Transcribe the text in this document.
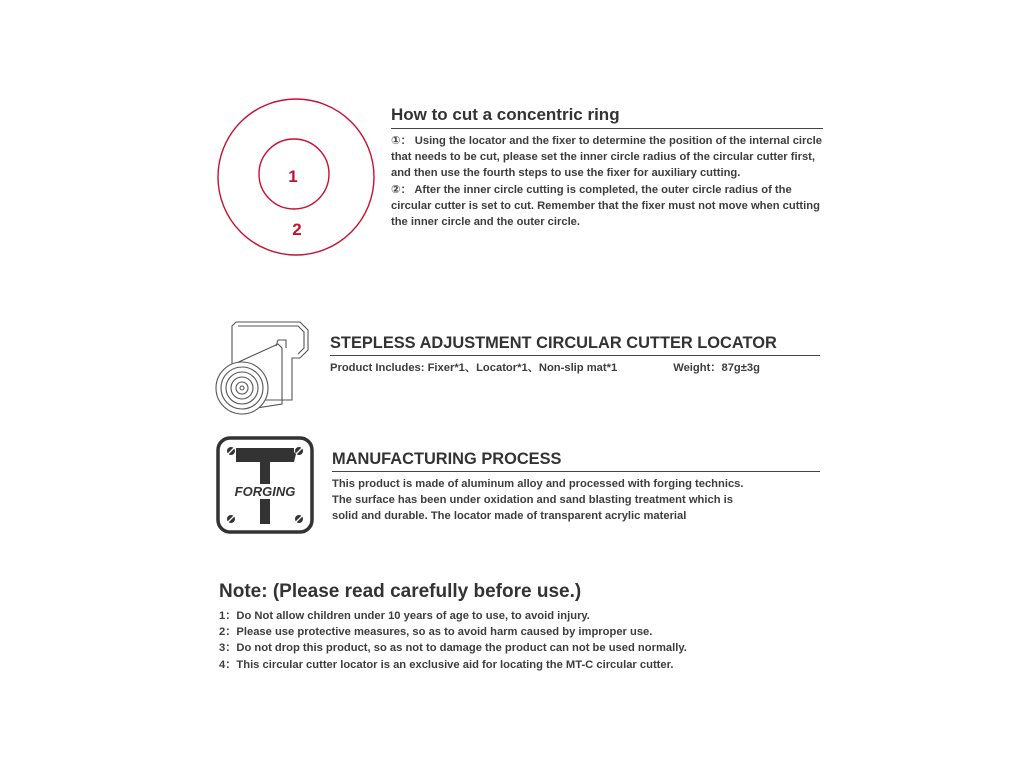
1
2
How to cut a concentric ring

①： Using the locator and the fixer to determine the position of the internal circle that needs to be cut, please set the inner circle radius of the circular cutter first, and then use the fourth steps to use the fixer for auxiliary cutting.

②： After the inner circle cutting is completed, the outer circle radius of the circular cutter is set to cut. Remember that the fixer must not move when cutting the inner circle and the outer circle.

STEPLESS ADJUSTMENT CIRCULAR CUTTER LOCATOR
Product Includes: Fixer*1、Locator*1、Non-slip mat*1	Weight：87g±3g
FORGING
MANUFACTURING PROCESS

This product is made of aluminum alloy and processed with forging technics.

The surface has been under oxidation and sand blasting treatment which is

solid and durable. The locator made of transparent acrylic material

Note: (Please read carefully before use.)

1：Do Not allow children under 10 years of age to use, to avoid injury.

2：Please use protective measures, so as to avoid harm caused by improper use.

3：Do not drop this product, so as not to damage the product can not be used normally.

4：This circular cutter locator is an exclusive aid for locating the MT-C circular cutter.
